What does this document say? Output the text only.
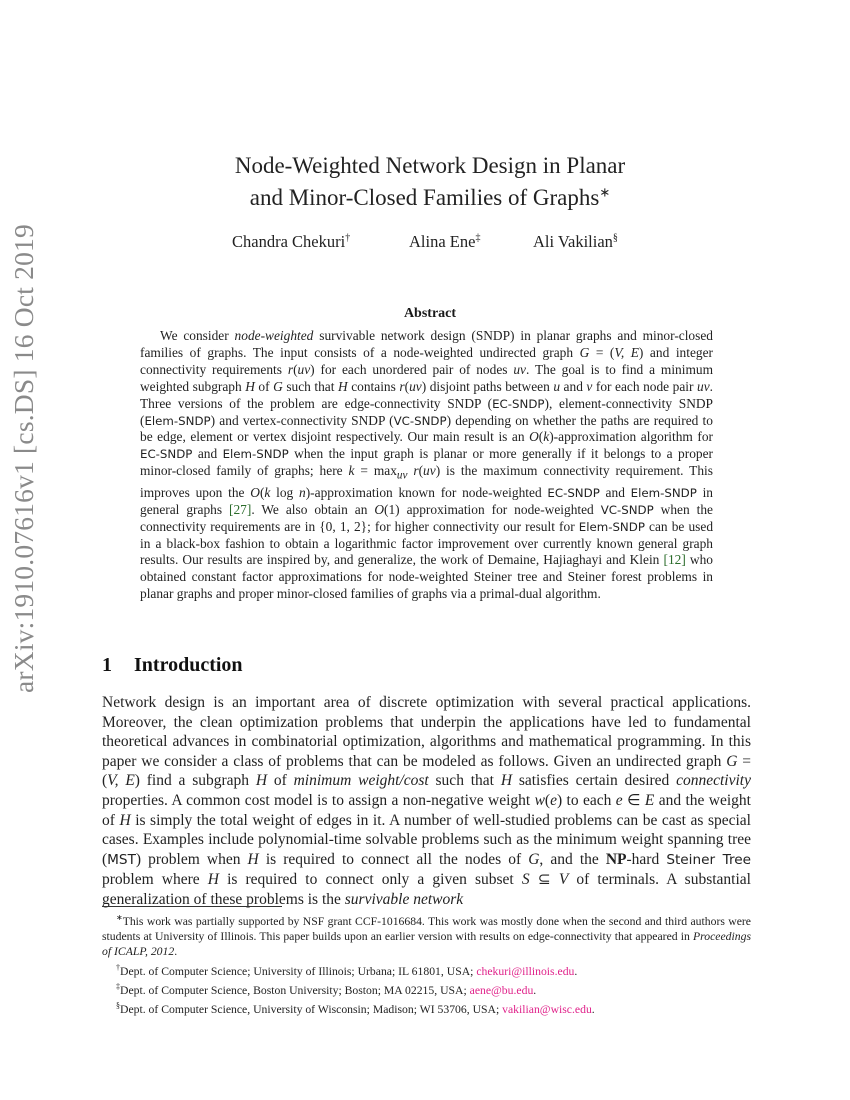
arXiv:1910.07616v1 [cs.DS] 16 Oct 2019
Node-Weighted Network Design in Planar
and Minor-Closed Families of Graphs∗
Chandra Chekuri†	Alina Ene‡	Ali Vakilian§
Abstract

We consider node-weighted survivable network design (SNDP) in planar graphs and minor-closed families of graphs. The input consists of a node-weighted undirected graph G = (V, E) and integer connectivity requirements r(uv) for each unordered pair of nodes uv. The goal is to find a minimum weighted subgraph H of G such that H contains r(uv) disjoint paths between u and v for each node pair uv. Three versions of the problem are edge-connectivity SNDP (EC-SNDP), element-connectivity SNDP (Elem-SNDP) and vertex-connectivity SNDP (VC-SNDP) depending on whether the paths are required to be edge, element or vertex disjoint respectively. Our main result is an O(k)-approximation algorithm for EC-SNDP and Elem-SNDP when the input graph is planar or more generally if it belongs to a proper minor-closed family of graphs; here $k = \max_{uv} r(uv)$ is the maximum connectivity requirement. This improves upon the O(k log n)-approximation known for node-weighted EC-SNDP and Elem-SNDP in general graphs [27]. We also obtain an O(1) approximation for node-weighted VC-SNDP when the connectivity requirements are in {0, 1, 2}; for higher connectivity our result for Elem-SNDP can be used in a black-box fashion to obtain a logarithmic factor improvement over currently known general graph results. Our results are inspired by, and generalize, the work of Demaine, Hajiaghayi and Klein [12] who obtained constant factor approximations for node-weighted Steiner tree and Steiner forest problems in planar graphs and proper minor-closed families of graphs via a primal-dual algorithm.

1 Introduction

Network design is an important area of discrete optimization with several practical applications. Moreover, the clean optimization problems that underpin the applications have led to fundamental theoretical advances in combinatorial optimization, algorithms and mathematical programming. In this paper we consider a class of problems that can be modeled as follows. Given an undirected graph G = (V, E) find a subgraph H of minimum weight/cost such that H satisfies certain desired connectivity properties. A common cost model is to assign a non-negative weight w(e) to each e ∈ E and the weight of H is simply the total weight of edges in it. A number of well-studied problems can be cast as special cases. Examples include polynomial-time solvable problems such as the minimum weight spanning tree (MST) problem when H is required to connect all the nodes of G, and the NP-hard Steiner Tree problem where H is required to connect only a given subset S ⊆ V of terminals. A substantial generalization of these problems is the survivable network

∗This work was partially supported by NSF grant CCF-1016684. This work was mostly done when the second and third authors were students at University of Illinois. This paper builds upon an earlier version with results on edge-connectivity that appeared in Proceedings of ICALP, 2012.

†Dept. of Computer Science; University of Illinois; Urbana; IL 61801, USA; chekuri@illinois.edu.

‡Dept. of Computer Science, Boston University; Boston; MA 02215, USA; aene@bu.edu.

§Dept. of Computer Science, University of Wisconsin; Madison; WI 53706, USA; vakilian@wisc.edu.
